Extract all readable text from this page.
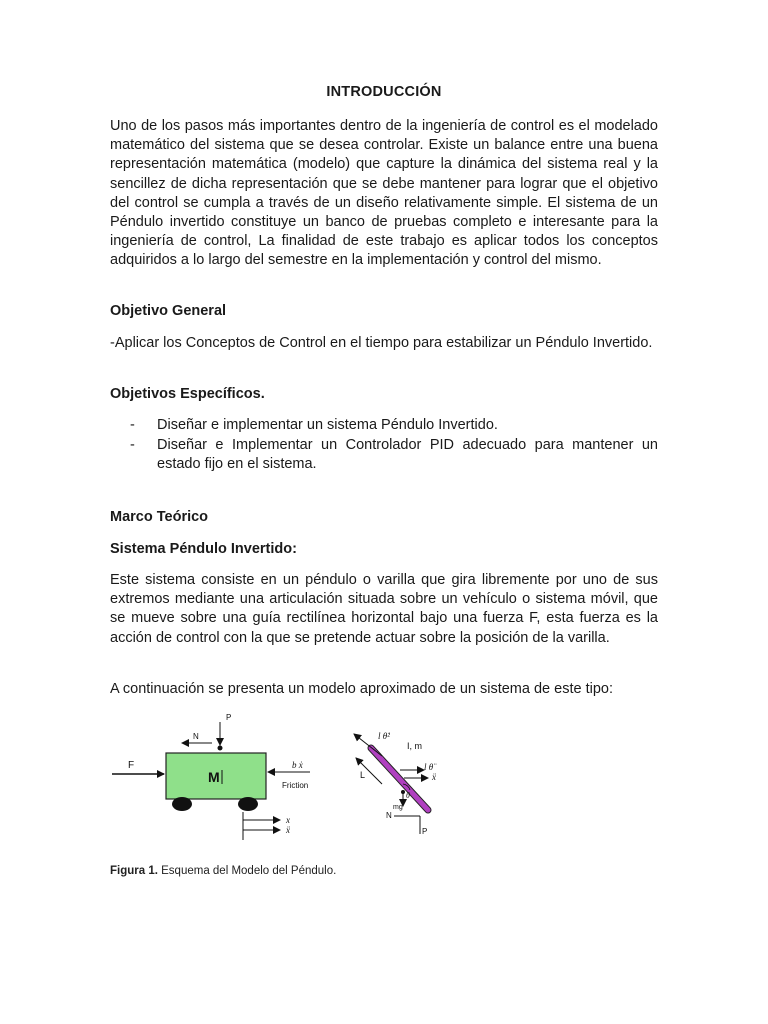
INTRODUCCIÓN
Uno de los pasos más importantes dentro de la ingeniería de control es el modelado matemático del sistema que se desea controlar. Existe un balance entre una buena representación matemática (modelo) que capture la dinámica del sistema real y la sencillez de dicha representación que se debe mantener para lograr que el objetivo del control se cumpla a través de un diseño relativamente simple. El sistema de un Péndulo invertido constituye un banco de pruebas completo e interesante para la ingeniería de control, La finalidad de este trabajo es aplicar todos los conceptos adquiridos a lo largo del semestre en la implementación y control del mismo.
Objetivo General
-Aplicar los Conceptos de Control en el tiempo para estabilizar un Péndulo Invertido.
Objetivos Específicos.
- Diseñar e implementar un sistema Péndulo Invertido.
- Diseñar e Implementar un Controlador PID adecuado para mantener un estado fijo en el sistema.
Marco Teórico
Sistema Péndulo Invertido:
Este sistema consiste en un péndulo o varilla que gira libremente por uno de sus extremos mediante una articulación situada sobre un vehículo o sistema móvil, que se mueve sobre una guía rectilínea horizontal bajo una fuerza F, esta fuerza es la acción de control con la que se pretende actuar sobre la posición de la varilla.
A continuación se presenta un modelo aproximado de un sistema de este tipo:
M
F
P
N
b ẋ
Friction
x
ẍ
l θ̇²
I, m
L
l θ̈
ẍ
θ
mg
N
P
Figura 1. Esquema del Modelo del Péndulo.
